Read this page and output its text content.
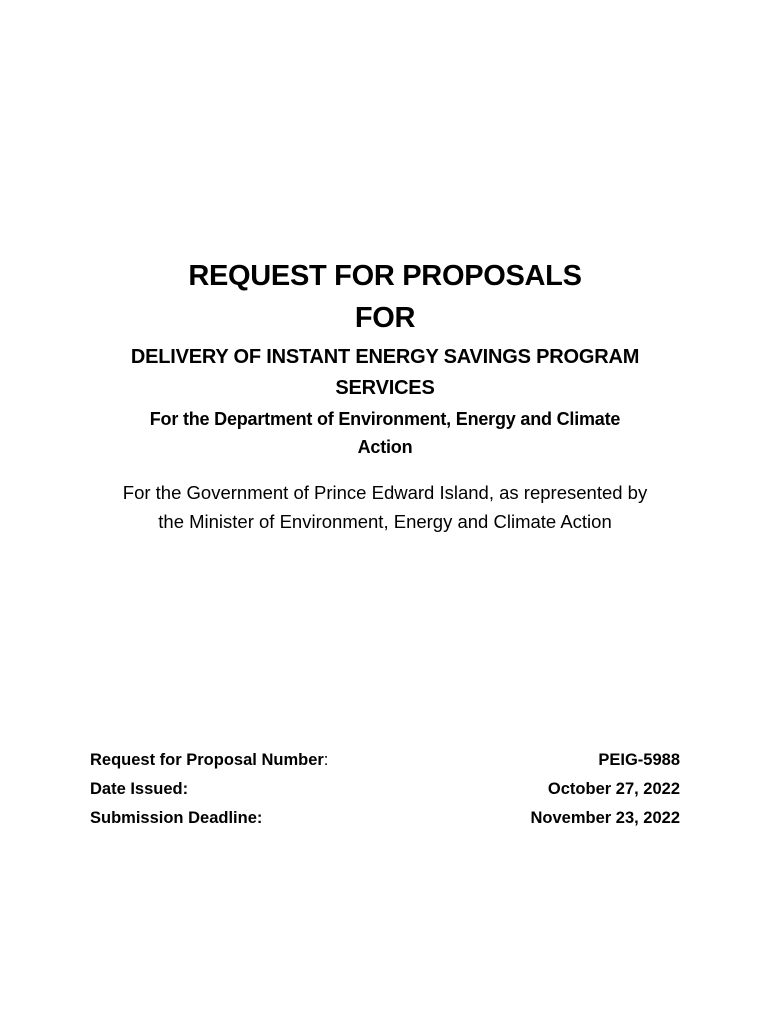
REQUEST FOR PROPOSALS
FOR
DELIVERY OF INSTANT ENERGY SAVINGS PROGRAM
SERVICES
For the Department of Environment, Energy and Climate
Action
For the Government of Prince Edward Island, as represented by
the Minister of Environment, Energy and Climate Action
Request for Proposal Number:	PEIG-5988
Date Issued:	October 27, 2022
Submission Deadline:	November 23, 2022
